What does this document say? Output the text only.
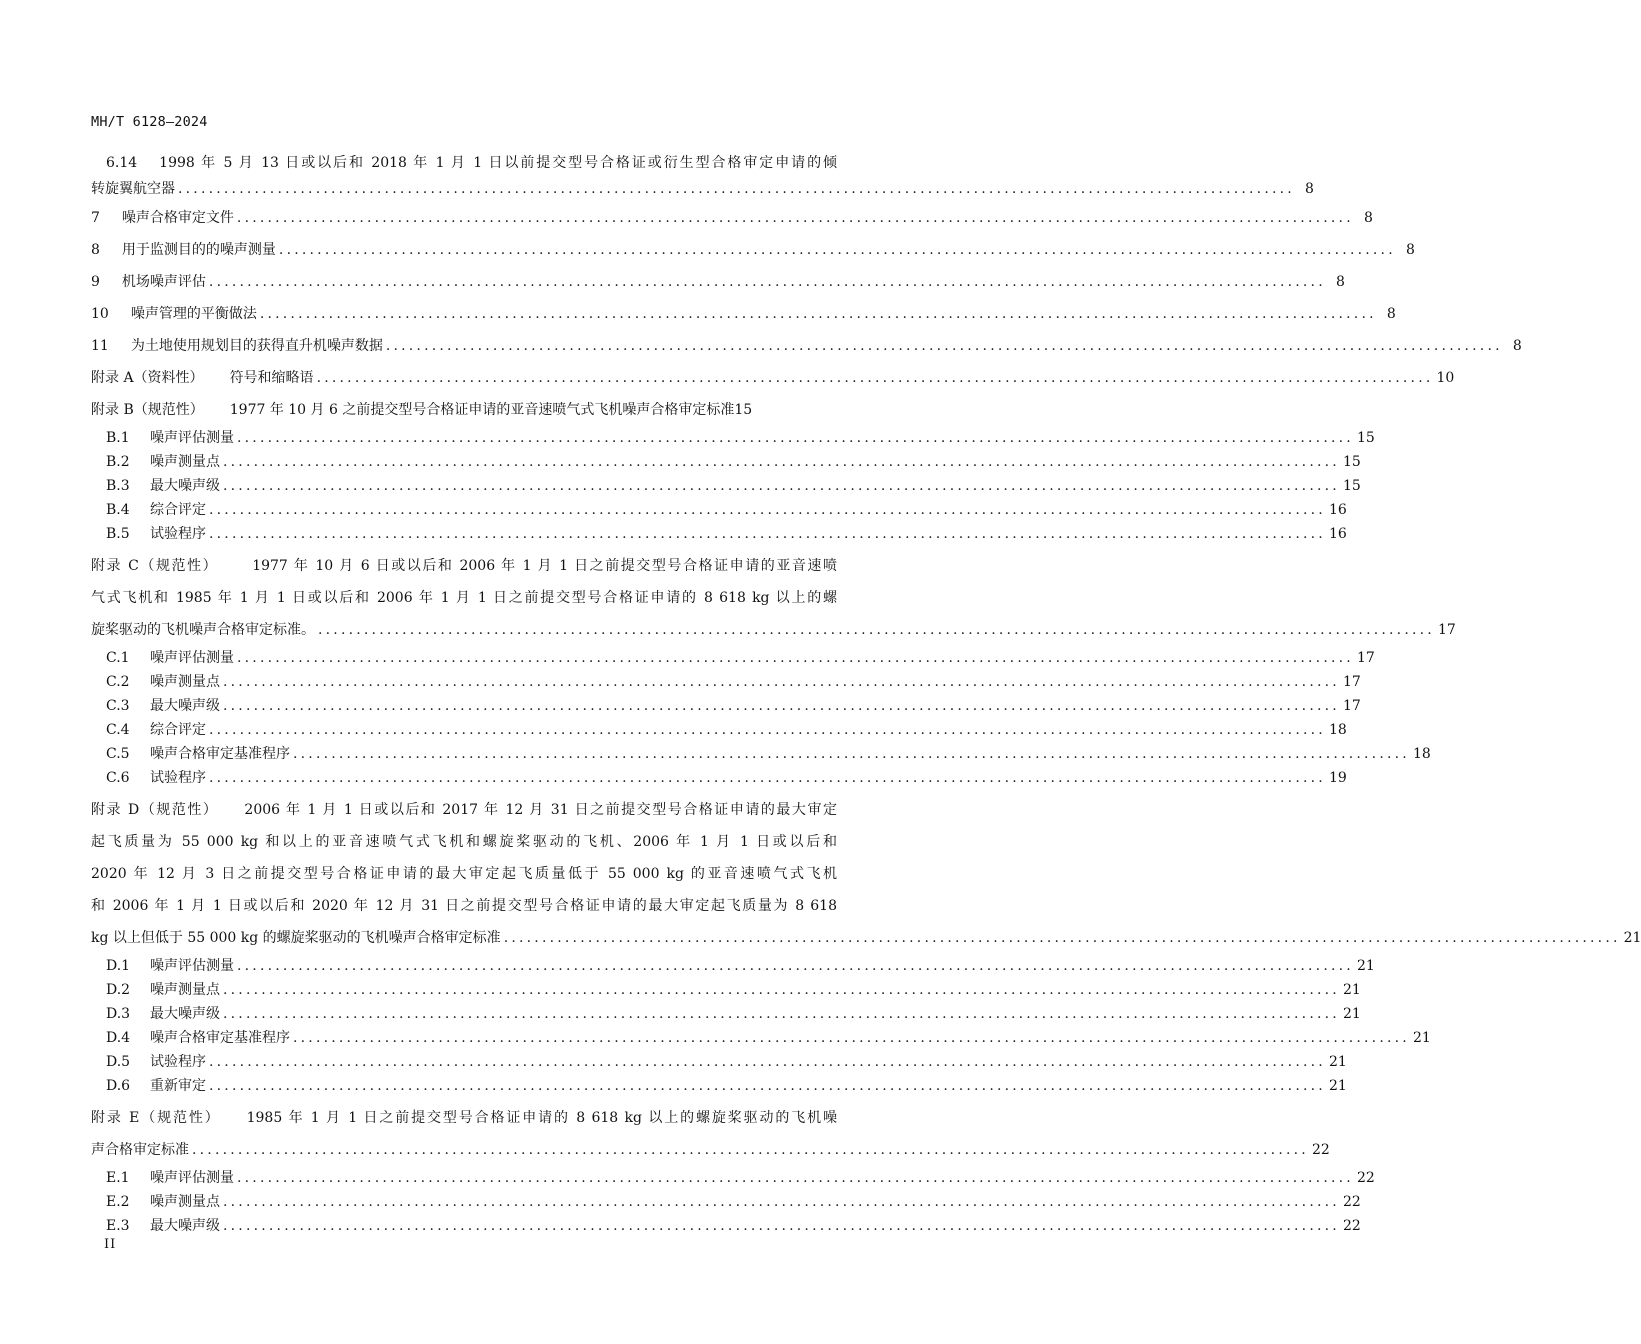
MH/T 6128—2024
6.14 1998 年 5 月 13 日或以后和 2018 年 1 月 1 日以前提交型号合格证或衍生型合格审定申请的倾
转旋翼航空器 .................................................................................................................................................. 8
7 噪声合格审定文件 .................................................................................................................................................. 8
8 用于监测目的的噪声测量 .................................................................................................................................................. 8
9 机场噪声评估 .................................................................................................................................................. 8
10 噪声管理的平衡做法 .................................................................................................................................................. 8
11 为土地使用规划目的获得直升机噪声数据 .................................................................................................................................................. 8
附录 A（资料性） 符号和缩略语 .................................................................................................................................................. 10
附录 B（规范性） 1977 年 10 月 6 之前提交型号合格证申请的亚音速喷气式飞机噪声合格审定标准 15
B.1 噪声评估测量 .................................................................................................................................................. 15
B.2 噪声测量点 .................................................................................................................................................. 15
B.3 最大噪声级 .................................................................................................................................................. 15
B.4 综合评定 .................................................................................................................................................. 16
B.5 试验程序 .................................................................................................................................................. 16
附录 C（规范性） 1977 年 10 月 6 日或以后和 2006 年 1 月 1 日之前提交型号合格证申请的亚音速喷
气式飞机和 1985 年 1 月 1 日或以后和 2006 年 1 月 1 日之前提交型号合格证申请的 8 618 kg 以上的螺
旋桨驱动的飞机噪声合格审定标准。 .................................................................................................................................................. 17
C.1 噪声评估测量 .................................................................................................................................................. 17
C.2 噪声测量点 .................................................................................................................................................. 17
C.3 最大噪声级 .................................................................................................................................................. 17
C.4 综合评定 .................................................................................................................................................. 18
C.5 噪声合格审定基准程序 .................................................................................................................................................. 18
C.6 试验程序 .................................................................................................................................................. 19
附录 D（规范性） 2006 年 1 月 1 日或以后和 2017 年 12 月 31 日之前提交型号合格证申请的最大审定
起飞质量为 55 000 kg 和以上的亚音速喷气式飞机和螺旋桨驱动的飞机、2006 年 1 月 1 日或以后和
2020 年 12 月 3 日之前提交型号合格证申请的最大审定起飞质量低于 55 000 kg 的亚音速喷气式飞机
和 2006 年 1 月 1 日或以后和 2020 年 12 月 31 日之前提交型号合格证申请的最大审定起飞质量为 8 618
kg 以上但低于 55 000 kg 的螺旋桨驱动的飞机噪声合格审定标准 .................................................................................................................................................. 21
D.1 噪声评估测量 .................................................................................................................................................. 21
D.2 噪声测量点 .................................................................................................................................................. 21
D.3 最大噪声级 .................................................................................................................................................. 21
D.4 噪声合格审定基准程序 .................................................................................................................................................. 21
D.5 试验程序 .................................................................................................................................................. 21
D.6 重新审定 .................................................................................................................................................. 21
附录 E（规范性） 1985 年 1 月 1 日之前提交型号合格证申请的 8 618 kg 以上的螺旋桨驱动的飞机噪
声合格审定标准 .................................................................................................................................................. 22
E.1 噪声评估测量 .................................................................................................................................................. 22
E.2 噪声测量点 .................................................................................................................................................. 22
E.3 最大噪声级 .................................................................................................................................................. 22
II
